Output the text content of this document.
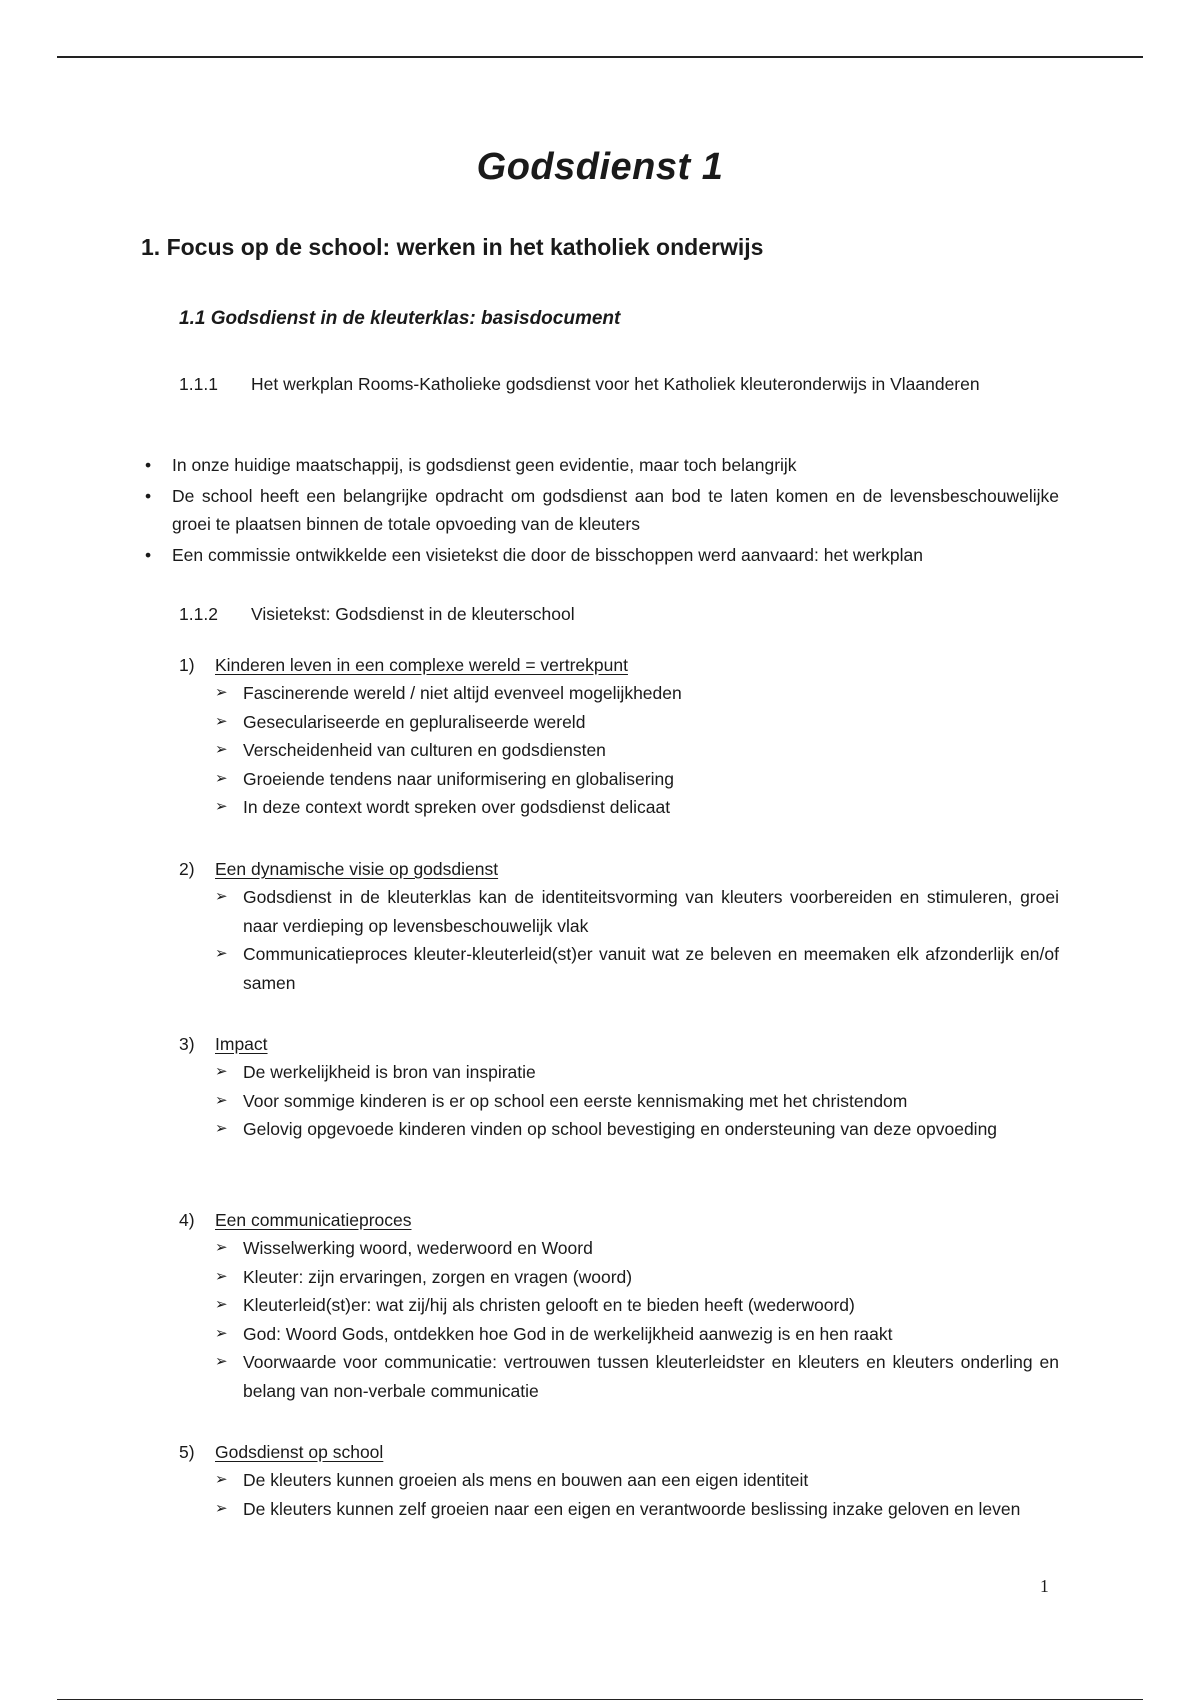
Godsdienst 1
1. Focus op de school: werken in het katholiek onderwijs
1.1 Godsdienst in de kleuterklas: basisdocument
1.1.1	Het werkplan Rooms-Katholieke godsdienst voor het Katholiek kleuteronderwijs in Vlaanderen
• In onze huidige maatschappij, is godsdienst geen evidentie, maar toch belangrijk
• De school heeft een belangrijke opdracht om godsdienst aan bod te laten komen en de levensbeschouwelijke groei te plaatsen binnen de totale opvoeding van de kleuters
• Een commissie ontwikkelde een visietekst die door de bisschoppen werd aanvaard: het werkplan
1.1.2	Visietekst: Godsdienst in de kleuterschool
1) Kinderen leven in een complexe wereld = vertrekpunt
➢ Fascinerende wereld / niet altijd evenveel mogelijkheden
➢ Geseculariseerde en gepluraliseerde wereld
➢ Verscheidenheid van culturen en godsdiensten
➢ Groeiende tendens naar uniformisering en globalisering
➢ In deze context wordt spreken over godsdienst delicaat
2) Een dynamische visie op godsdienst
➢ Godsdienst in de kleuterklas kan de identiteitsvorming van kleuters voorbereiden en stimuleren, groei naar verdieping op levensbeschouwelijk vlak
➢ Communicatieproces kleuter-kleuterleid(st)er vanuit wat ze beleven en meemaken elk afzonderlijk en/of samen
3) Impact
➢ De werkelijkheid is bron van inspiratie
➢ Voor sommige kinderen is er op school een eerste kennismaking met het christendom
➢ Gelovig opgevoede kinderen vinden op school bevestiging en ondersteuning van deze opvoeding
4) Een communicatieproces
➢ Wisselwerking woord, wederwoord en Woord
➢ Kleuter: zijn ervaringen, zorgen en vragen (woord)
➢ Kleuterleid(st)er: wat zij/hij als christen gelooft en te bieden heeft (wederwoord)
➢ God: Woord Gods, ontdekken hoe God in de werkelijkheid aanwezig is en hen raakt
➢ Voorwaarde voor communicatie: vertrouwen tussen kleuterleidster en kleuters en kleuters onderling en belang van non-verbale communicatie
5) Godsdienst op school
➢ De kleuters kunnen groeien als mens en bouwen aan een eigen identiteit
➢ De kleuters kunnen zelf groeien naar een eigen en verantwoorde beslissing inzake geloven en leven
1
